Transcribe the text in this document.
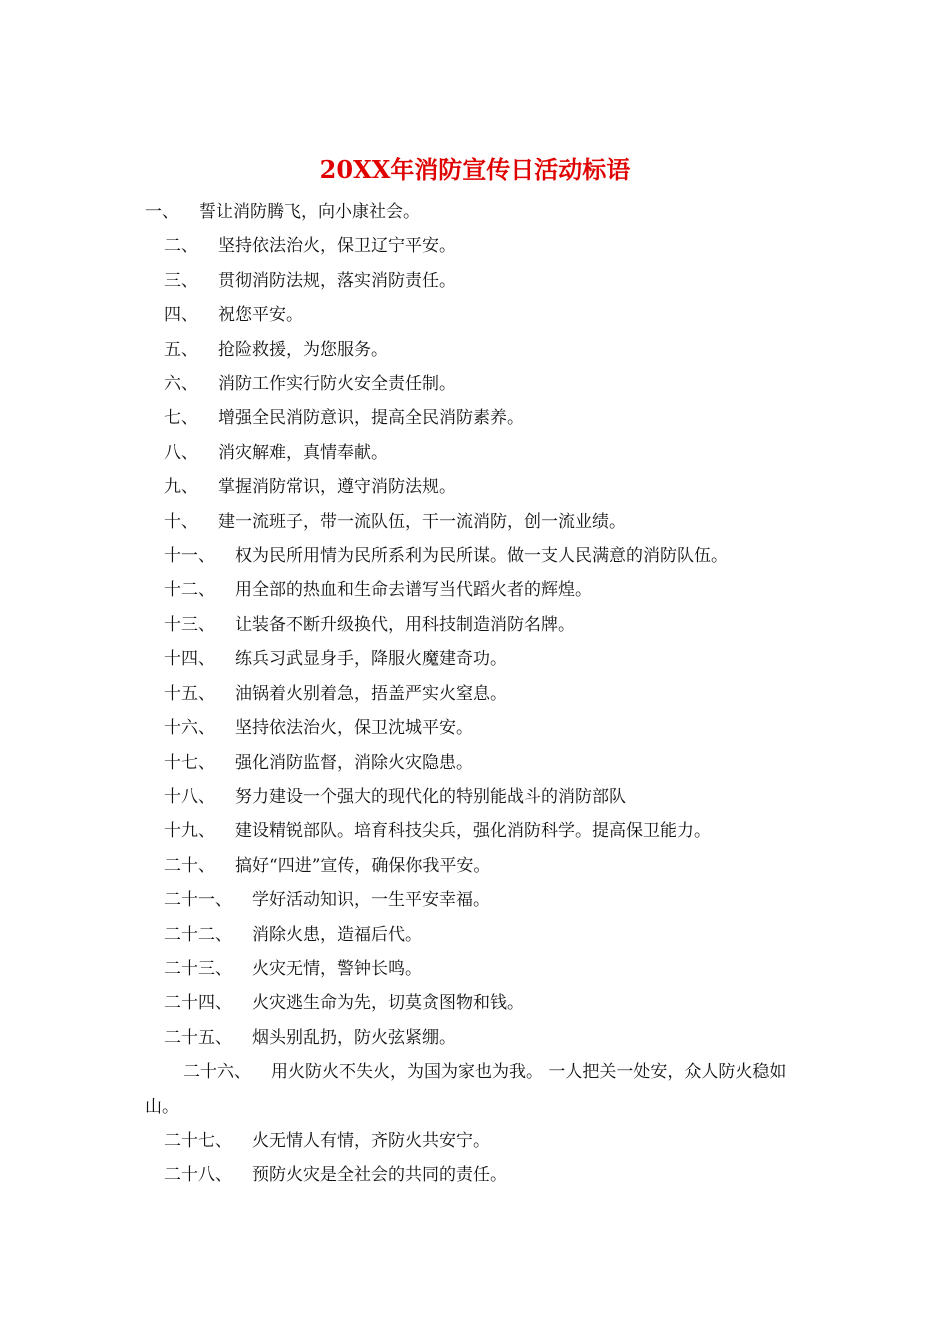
20XX年消防宣传日活动标语
一、 誓让消防腾飞，向小康社会。
二、 坚持依法治火，保卫辽宁平安。
三、 贯彻消防法规，落实消防责任。
四、 祝您平安。
五、 抢险救援，为您服务。
六、 消防工作实行防火安全责任制。
七、 增强全民消防意识，提高全民消防素养。
八、 消灾解难，真情奉献。
九、 掌握消防常识，遵守消防法规。
十、 建一流班子，带一流队伍，干一流消防，创一流业绩。
十一、 权为民所用情为民所系利为民所谋。做一支人民满意的消防队伍。
十二、 用全部的热血和生命去谱写当代蹈火者的辉煌。
十三、 让装备不断升级换代，用科技制造消防名牌。
十四、 练兵习武显身手，降服火魔建奇功。
十五、 油锅着火别着急，捂盖严实火窒息。
十六、 坚持依法治火，保卫沈城平安。
十七、 强化消防监督，消除火灾隐患。
十八、 努力建设一个强大的现代化的特别能战斗的消防部队
十九、 建设精锐部队。培育科技尖兵，强化消防科学。提高保卫能力。
二十、 搞好“四进”宣传，确保你我平安。
二十一、 学好活动知识，一生平安幸福。
二十二、 消除火患，造福后代。
二十三、 火灾无情，警钟长鸣。
二十四、 火灾逃生命为先，切莫贪图物和钱。
二十五、 烟头别乱扔，防火弦紧绷。
二十六、 用火防火不失火，为国为家也为我。 一人把关一处安，众人防火稳如山。
二十七、 火无情人有情，齐防火共安宁。
二十八、 预防火灾是全社会的共同的责任。
